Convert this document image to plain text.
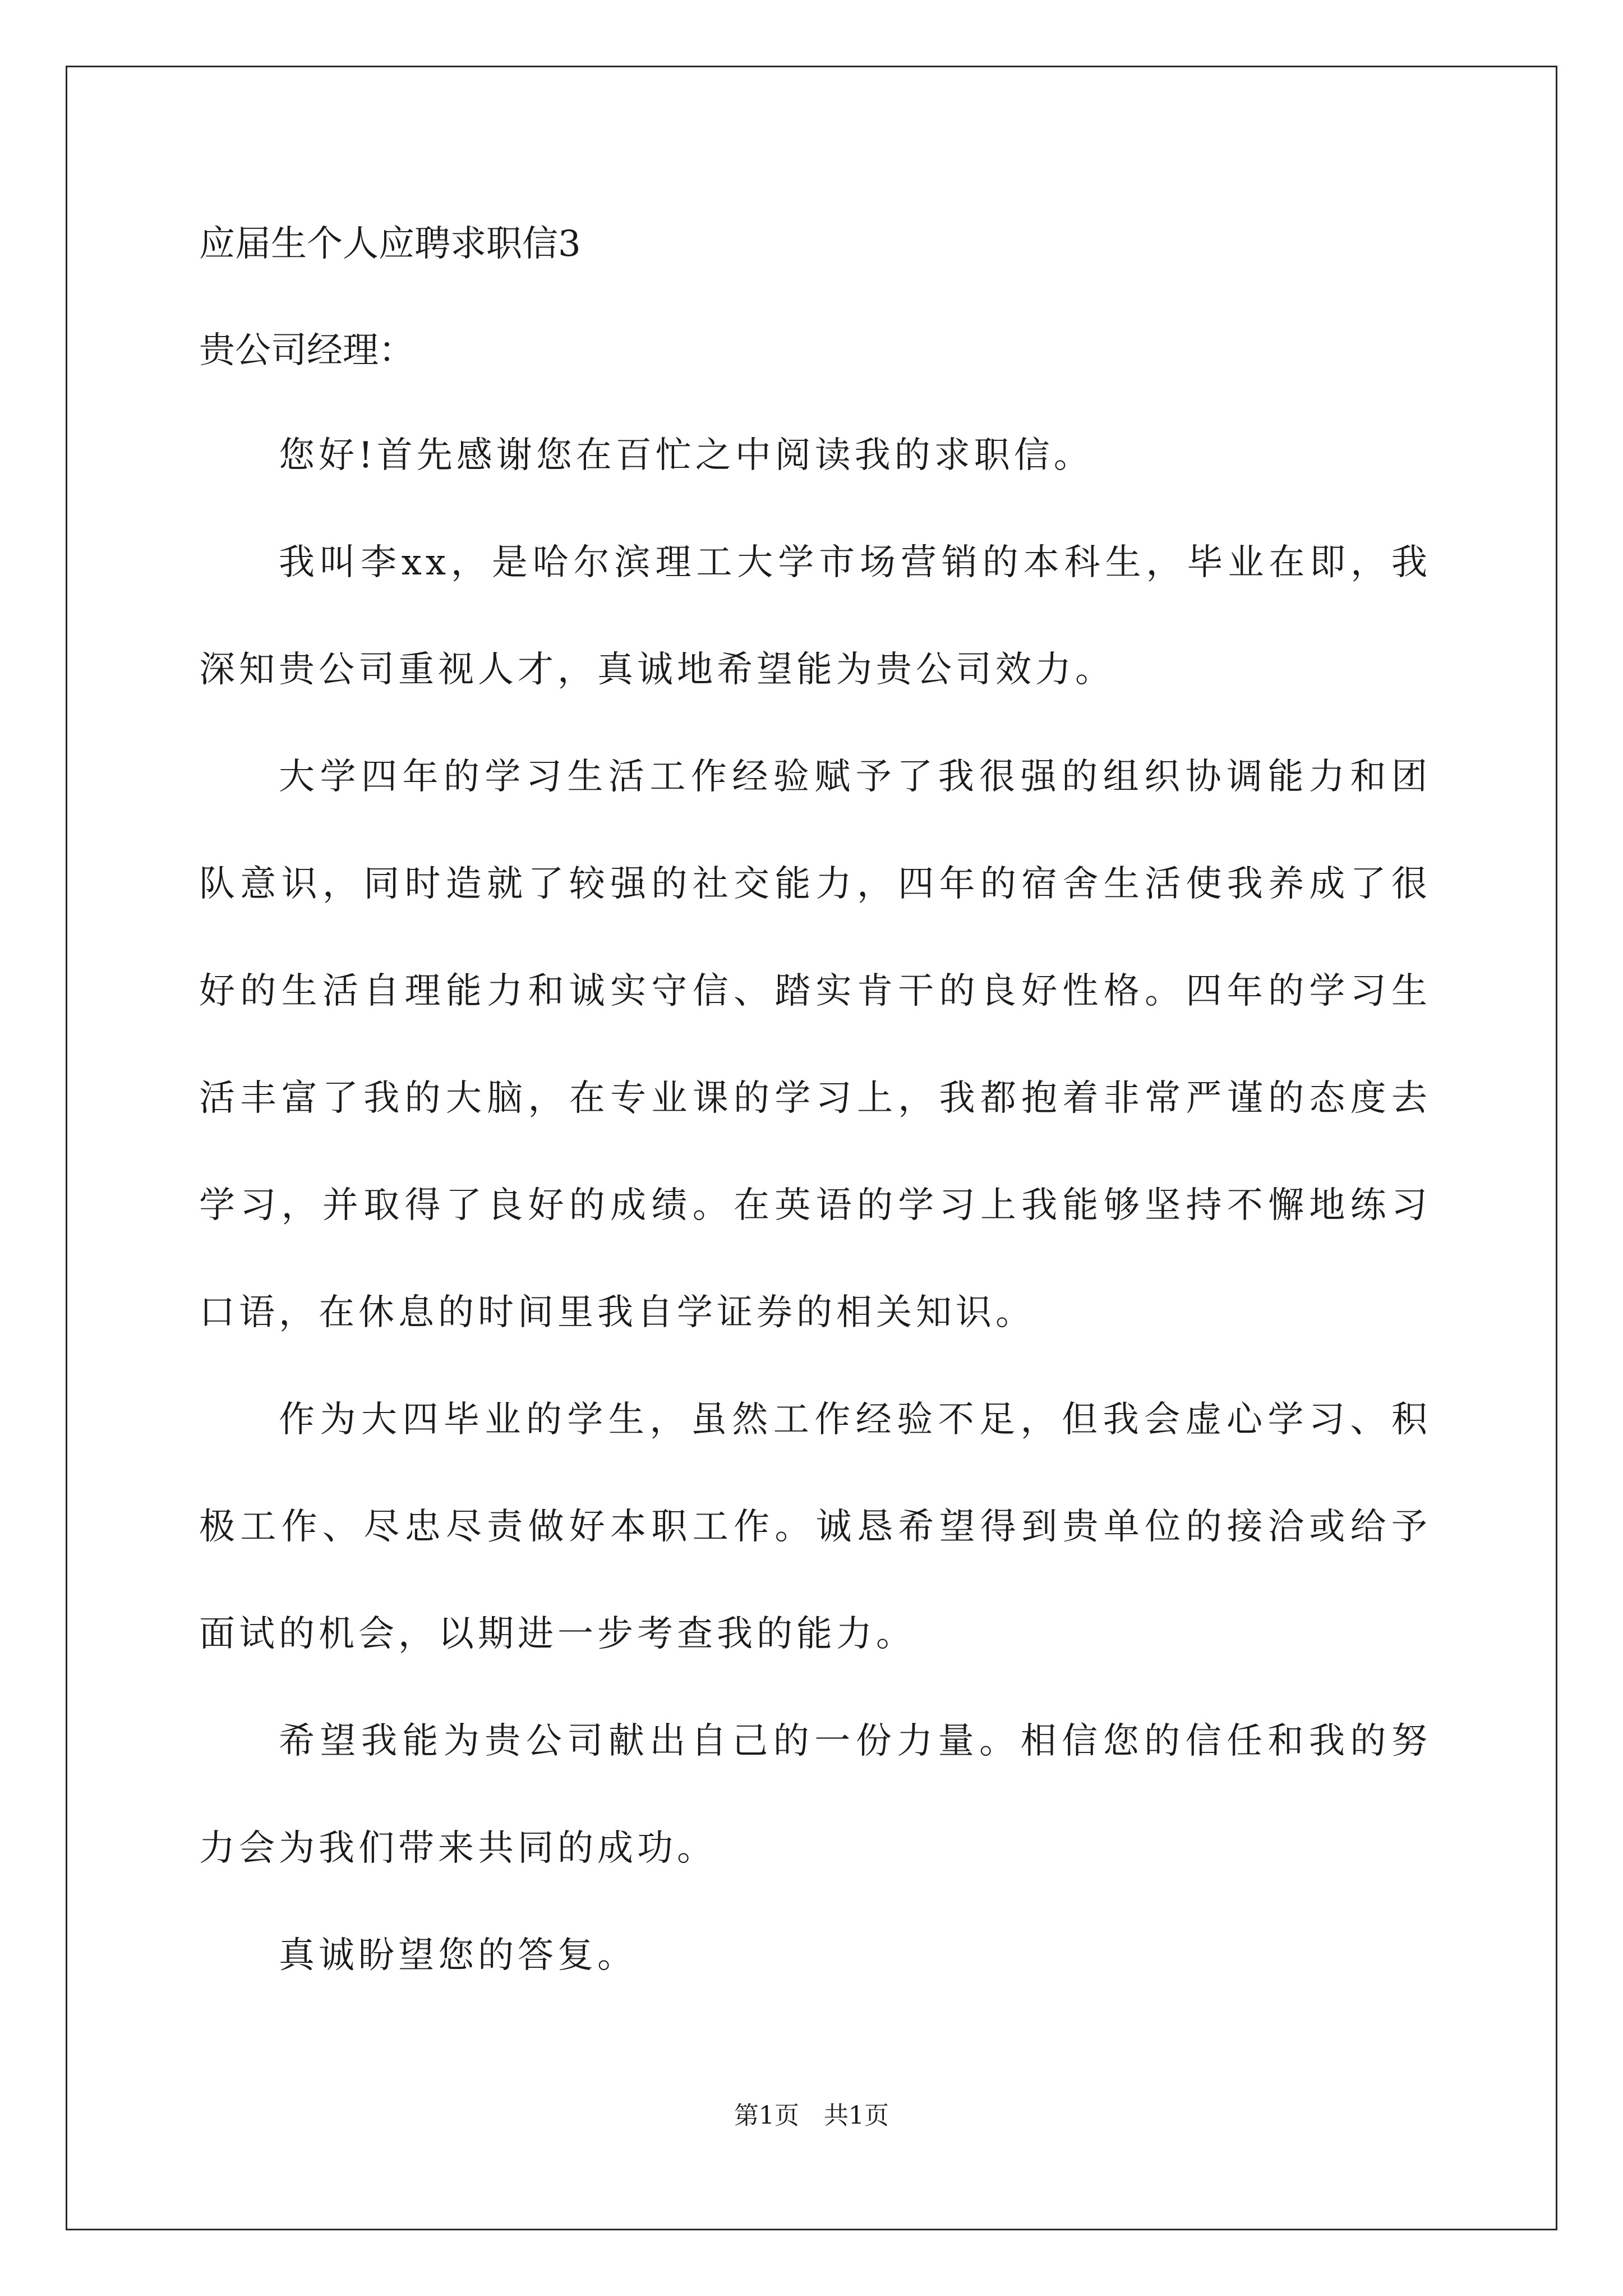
应届生个人应聘求职信3

贵公司经理：

您好!首先感谢您在百忙之中阅读我的求职信。

我叫李xx，是哈尔滨理工大学市场营销的本科生，毕业在即，我深知贵公司重视人才，真诚地希望能为贵公司效力。

大学四年的学习生活工作经验赋予了我很强的组织协调能力和团队意识，同时造就了较强的社交能力，四年的宿舍生活使我养成了很好的生活自理能力和诚实守信、踏实肯干的良好性格。四年的学习生活丰富了我的大脑，在专业课的学习上，我都抱着非常严谨的态度去学习，并取得了良好的成绩。在英语的学习上我能够坚持不懈地练习口语，在休息的时间里我自学证券的相关知识。

作为大四毕业的学生，虽然工作经验不足，但我会虚心学习、积极工作、尽忠尽责做好本职工作。诚恳希望得到贵单位的接洽或给予面试的机会，以期进一步考查我的能力。

希望我能为贵公司献出自己的一份力量。相信您的信任和我的努力会为我们带来共同的成功。

真诚盼望您的答复。

第1页　共1页
